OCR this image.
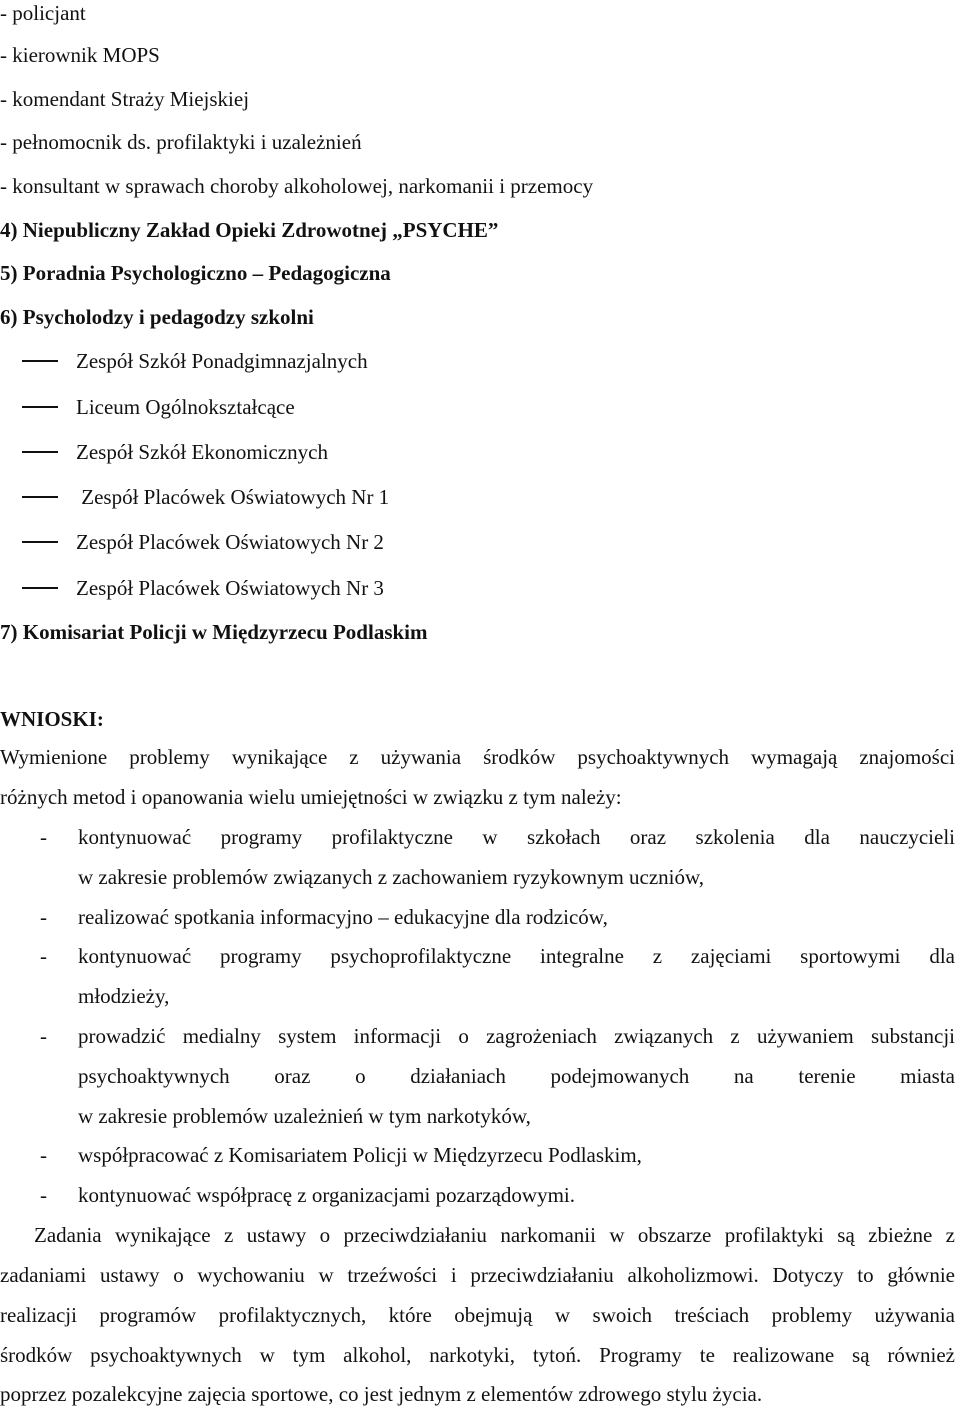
- policjant
- kierownik MOPS
- komendant Straży Miejskiej
- pełnomocnik ds. profilaktyki i uzależnień
- konsultant w sprawach choroby alkoholowej, narkomanii i przemocy
4) Niepubliczny Zakład Opieki Zdrowotnej „PSYCHE”
5) Poradnia Psychologiczno – Pedagogiczna
6) Psycholodzy i pedagodzy szkolni
Zespół Szkół Ponadgimnazjalnych
Liceum Ogólnokształcące
Zespół Szkół Ekonomicznych
Zespół Placówek Oświatowych Nr 1
Zespół Placówek Oświatowych Nr 2
Zespół Placówek Oświatowych Nr 3
7) Komisariat Policji w Międzyrzecu Podlaskim
WNIOSKI:
Wymienione problemy wynikające z używania środków psychoaktywnych wymagają znajomości
różnych metod i opanowania wielu umiejętności w związku z tym należy:
- kontynuować programy profilaktyczne w szkołach oraz szkolenia dla nauczycieli
w zakresie problemów związanych z zachowaniem ryzykownym uczniów,
- realizować spotkania informacyjno – edukacyjne dla rodziców,
- kontynuować programy psychoprofilaktyczne integralne z zajęciami sportowymi dla
młodzieży,
- prowadzić medialny system informacji o zagrożeniach związanych z używaniem substancji
psychoaktywnych oraz o działaniach podejmowanych na terenie miasta
w zakresie problemów uzależnień w tym narkotyków,
- współpracować z Komisariatem Policji w Międzyrzecu Podlaskim,
- kontynuować współpracę z organizacjami pozarządowymi.
Zadania wynikające z ustawy o przeciwdziałaniu narkomanii w obszarze profilaktyki są zbieżne z
zadaniami ustawy o wychowaniu w trzeźwości i przeciwdziałaniu alkoholizmowi. Dotyczy to głównie
realizacji programów profilaktycznych, które obejmują w swoich treściach problemy używania
środków psychoaktywnych w tym alkohol, narkotyki, tytoń. Programy te realizowane są również
poprzez pozalekcyjne zajęcia sportowe, co jest jednym z elementów zdrowego stylu życia.
